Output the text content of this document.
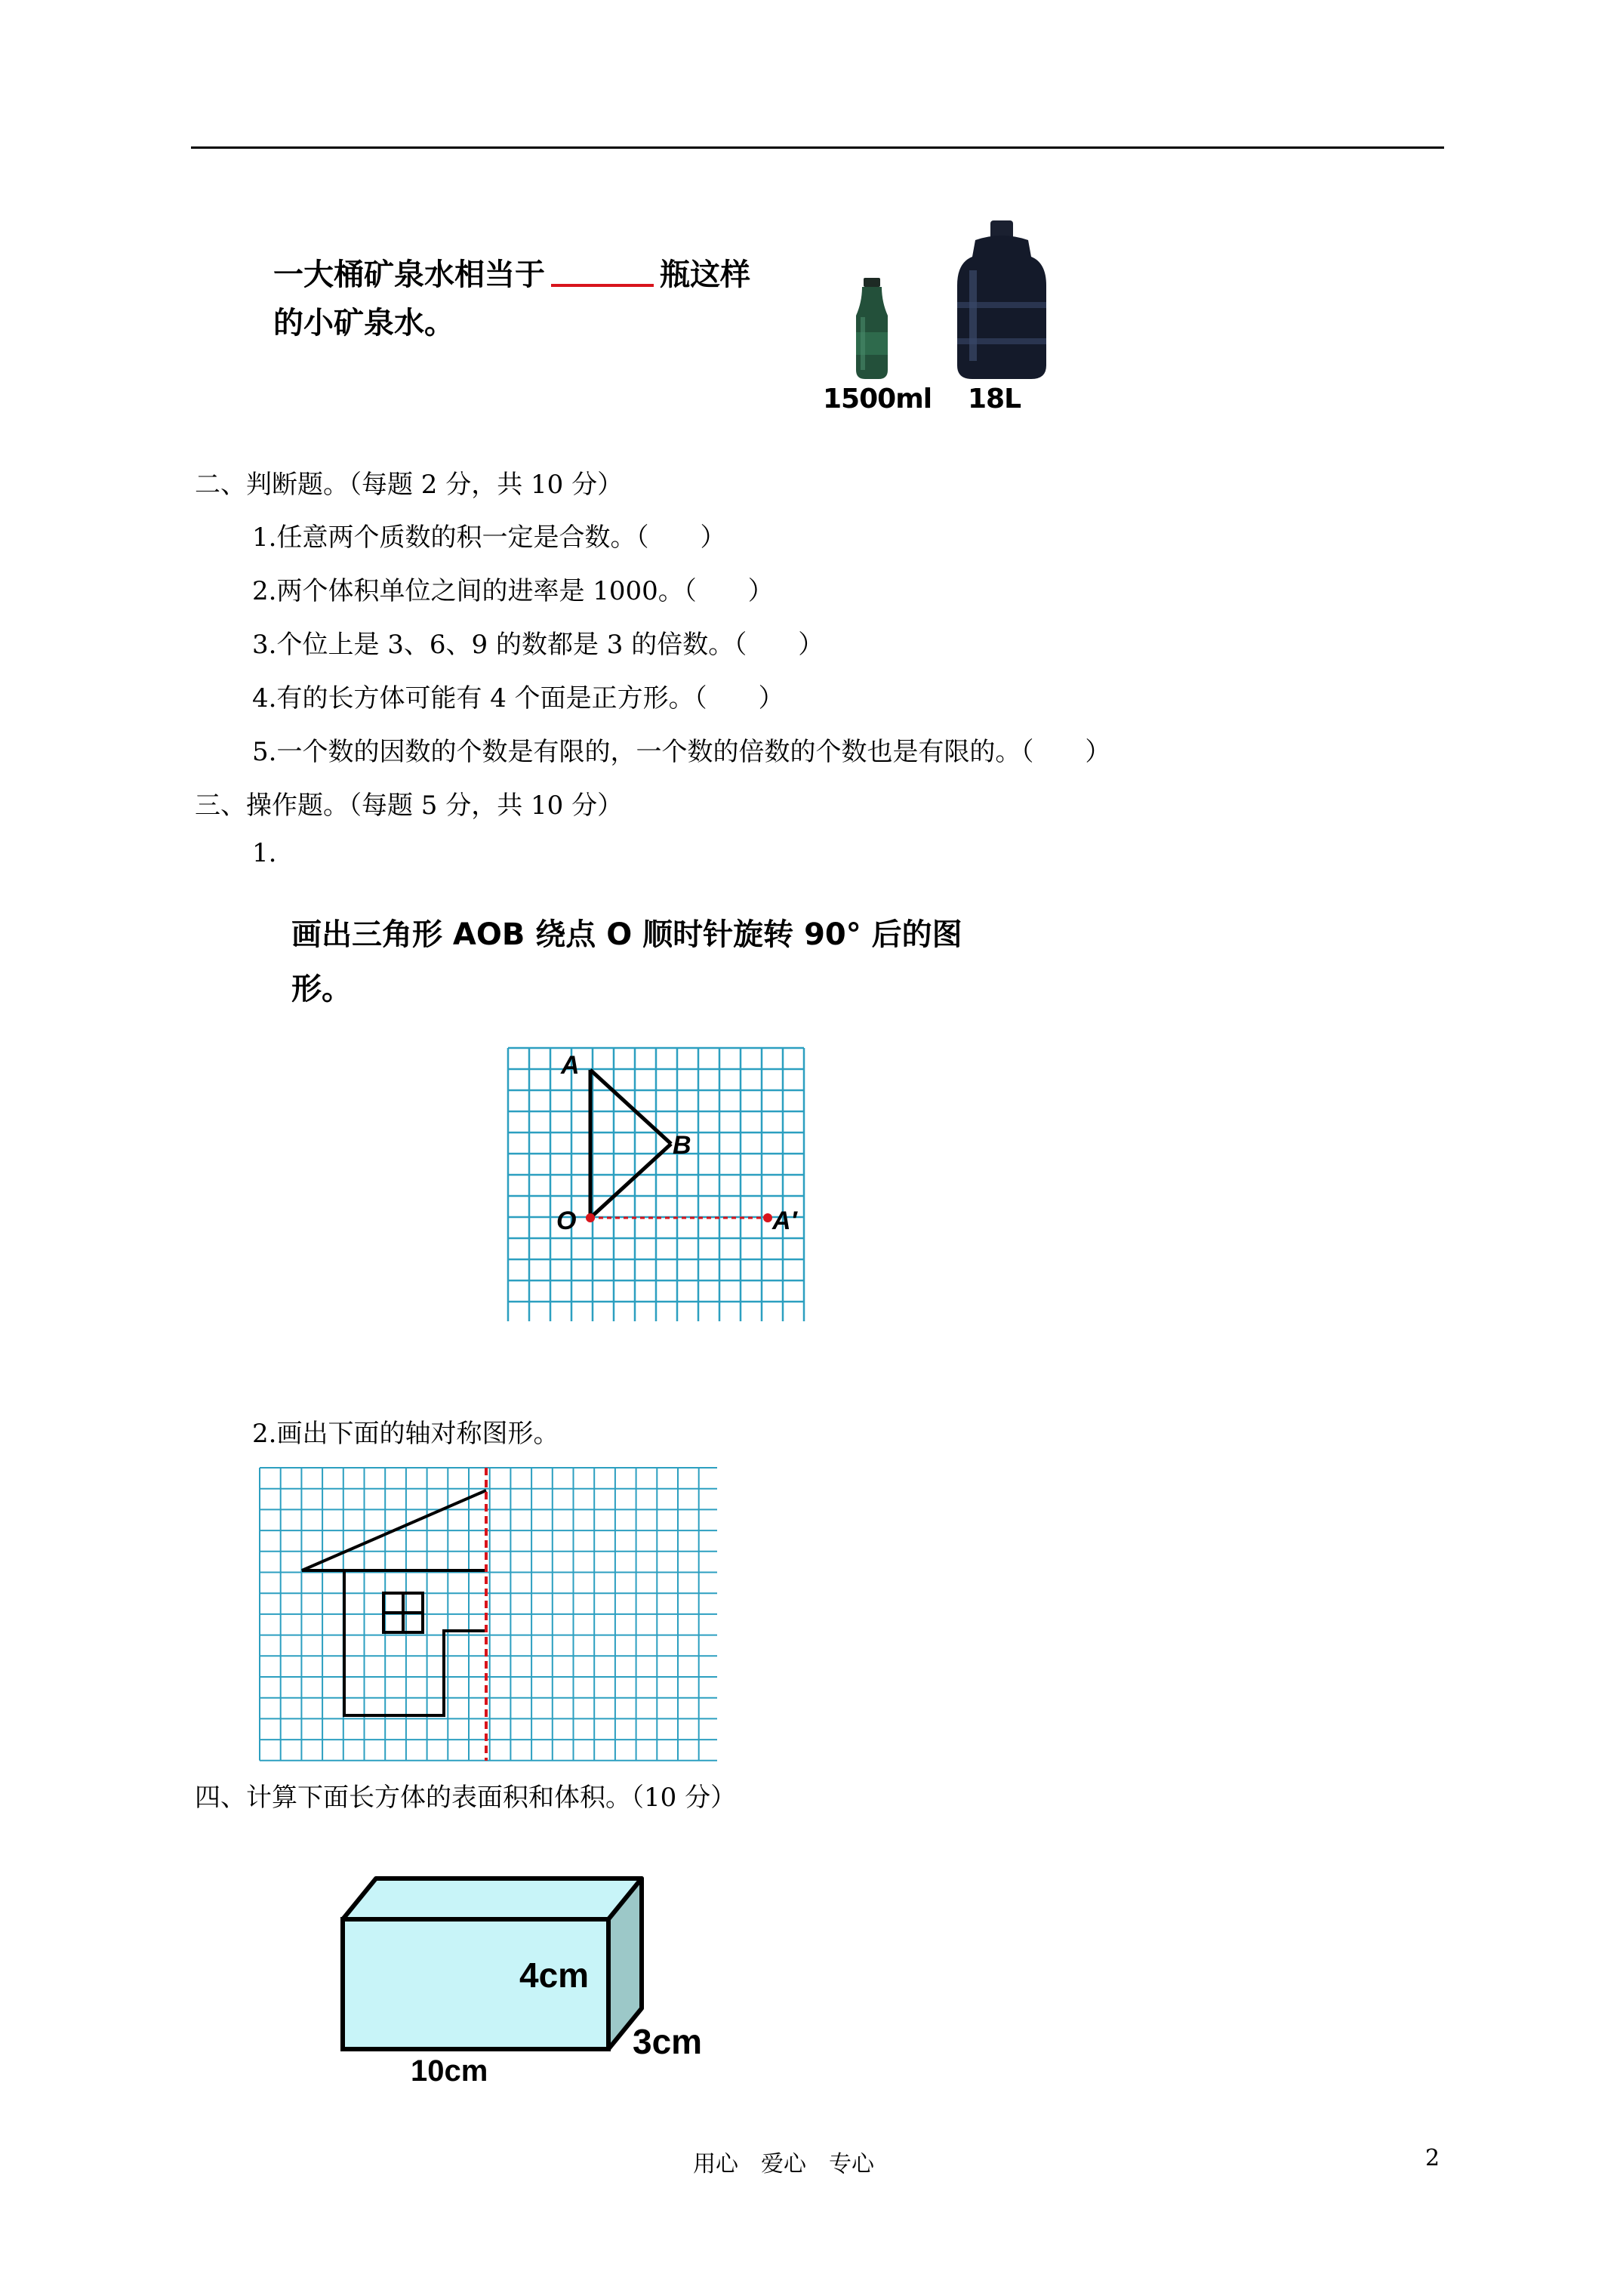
一大桶矿泉水相当于	瓶这样
的小矿泉水。
1500ml 18L
二、判断题。（每题 2 分，共 10 分）
1.任意两个质数的积一定是合数。（　　）
2.两个体积单位之间的进率是 1000。（　　）
3.个位上是 3、6、9 的数都是 3 的倍数。（　　）
4.有的长方体可能有 4 个面是正方形。（　　）
5.一个数的因数的个数是有限的，一个数的倍数的个数也是有限的。（　　）
三、操作题。（每题 5 分，共 10 分）
1.
画出三角形 AOB 绕点 O 顺时针旋转 90° 后的图
形。
A
B
O	A′
2.画出下面的轴对称图形。
四、计算下面长方体的表面积和体积。（10 分）
4cm
3cm
10cm
用心　爱心　专心	2
